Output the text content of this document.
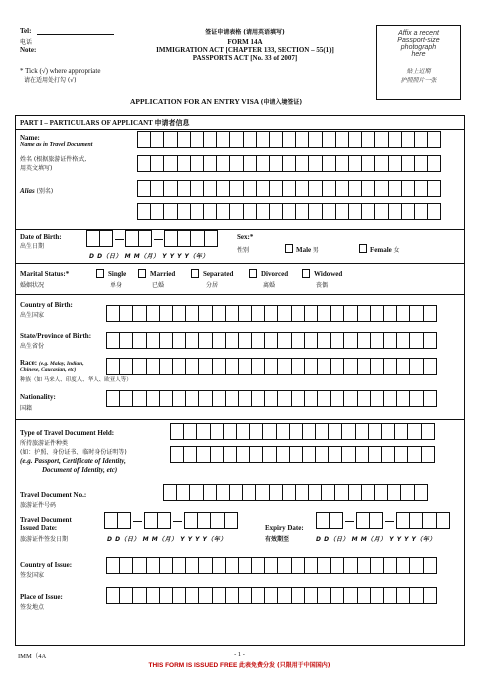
Tel:
电话
Note:
* Tick (√) where appropriate
请在适用处打勾 (√)
签证申请表格 (请用英语填写)
FORM 14A
IMMIGRATION ACT [CHAPTER 133, SECTION – 55(1)]
PASSPORTS ACT [No. 33 of 2007]
APPLICATION FOR AN ENTRY VISA (申请入境签证)
Affix a recent
Passport-size
photograph
here
贴上近期
护照照片一张
PART I – PARTICULARS OF APPLICANT 申请者信息
Name:
Name as in Travel Document
姓名 (根据旅游证件格式,
用英文填写)
Alias (别名)
Date of Birth:
出生日期
D D（日） M M（月） Y Y Y Y（年）
Sex:*
性别	Male 男	Female 女
Marital Status:*
婚姻状况
Single
单身
Married
已婚
Separated
分居
Divorced
离婚
Widowed
丧偶
Country of Birth:
出生国家
State/Province of Birth:
出生省份
Race: (e.g. Malay, Indian,
Chinese, Caucasian, etc)
种族（如 马来人、印度人、华人、欧亚人等）
Nationality:
国籍
Type of Travel Document Held:
所持旅游证件种类
(如：护照、身份证书、临时身份证明等)
(e.g. Passport, Certificate of Identity,
Document of Identity, etc)
Travel Document No.:
旅游证件号码
Travel Document
Issued Date:
旅游证件签发日期	D D（日） M M（月） Y Y Y Y（年）
Expiry Date:
有效期至	D D（日） M M（月） Y Y Y Y（年）
Country of Issue:
签发国家
Place of Issue:
签发地点
IMM（4A	- 1 -
THIS FORM IS ISSUED FREE 此表免费分发 (只限用于中国国内)
